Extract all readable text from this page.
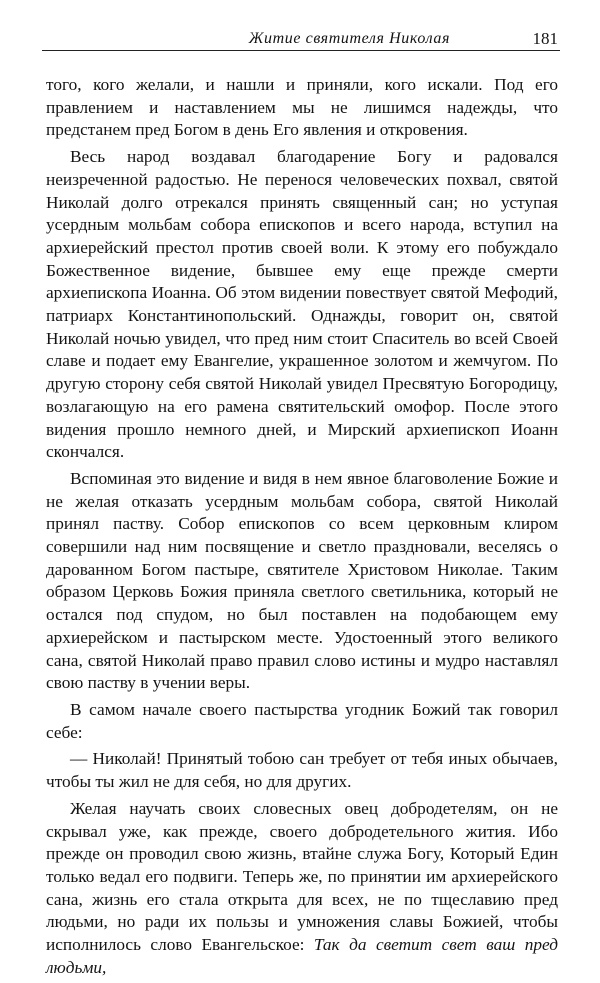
Житие святителя Николая	181

того, кого желали, и нашли и приняли, кого искали. Под его правлением и наставлением мы не лишимся надежды, что предстанем пред Богом в день Его явления и откровения.

Весь народ воздавал благодарение Богу и радовался неизреченной радостью. Не перенося человеческих похвал, святой Николай долго отрекался принять священный сан; но уступая усердным мольбам собора епископов и всего народа, вступил на архиерейский престол против своей воли. К этому его побуждало Божественное видение, бывшее ему еще прежде смерти архиепископа Иоанна. Об этом видении повествует святой Мефодий, патриарх Константинопольский. Однажды, говорит он, святой Николай ночью увидел, что пред ним стоит Спаситель во всей Своей славе и подает ему Евангелие, украшенное золотом и жемчугом. По другую сторону себя святой Николай увидел Пресвятую Богородицу, возлагающую на его рамена святительский омофор. После этого видения прошло немного дней, и Мирский архиепископ Иоанн скончался.

Вспоминая это видение и видя в нем явное благоволение Божие и не желая отказать усердным мольбам собора, святой Николай принял паству. Собор епископов со всем церковным клиром совершили над ним посвящение и светло праздновали, веселясь о дарованном Богом пастыре, святителе Христовом Николае. Таким образом Церковь Божия приняла светлого светильника, который не остался под спудом, но был поставлен на подобающем ему архиерейском и пастырском месте. Удостоенный этого великого сана, святой Николай право правил слово истины и мудро наставлял свою паству в учении веры.

В самом начале своего пастырства угодник Божий так говорил себе:

— Николай! Принятый тобою сан требует от тебя иных обычаев, чтобы ты жил не для себя, но для других.

Желая научать своих словесных овец добродетелям, он не скрывал уже, как прежде, своего добродетельного жития. Ибо прежде он проводил свою жизнь, втайне служа Богу, Который Един только ведал его подвиги. Теперь же, по принятии им архиерейского сана, жизнь его стала открыта для всех, не по тщеславию пред людьми, но ради их пользы и умножения славы Божией, чтобы исполнилось слово Евангельское: Так да светит свет ваш пред людьми,
